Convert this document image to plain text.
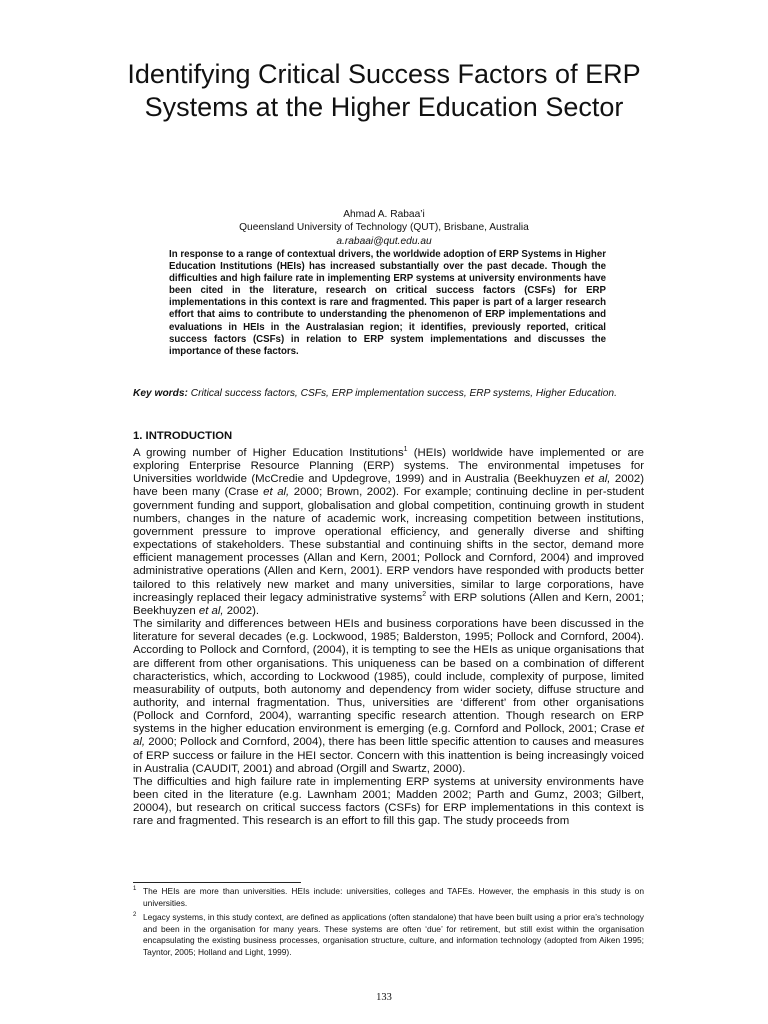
Identifying Critical Success Factors of ERP Systems at the Higher Education Sector
Ahmad A. Rabaa’i
Queensland University of Technology (QUT), Brisbane, Australia
a.rabaai@qut.edu.au

In response to a range of contextual drivers, the worldwide adoption of ERP Systems in Higher Education Institutions (HEIs) has increased substantially over the past decade. Though the difficulties and high failure rate in implementing ERP systems at university environments have been cited in the literature, research on critical success factors (CSFs) for ERP implementations in this context is rare and fragmented. This paper is part of a larger research effort that aims to contribute to understanding the phenomenon of ERP implementations and evaluations in HEIs in the Australasian region; it identifies, previously reported, critical success factors (CSFs) in relation to ERP system implementations and discusses the importance of these factors.

Key words: Critical success factors, CSFs, ERP implementation success, ERP systems, Higher Education.

1. INTRODUCTION

A growing number of Higher Education Institutions$^1$ (HEIs) worldwide have implemented or are exploring Enterprise Resource Planning (ERP) systems. The environmental impetuses for Universities worldwide (McCredie and Updegrove, 1999) and in Australia (Beekhuyzen et al, 2002) have been many (Crase et al, 2000; Brown, 2002). For example; continuing decline in per-student government funding and support, globalisation and global competition, continuing growth in student numbers, changes in the nature of academic work, increasing competition between institutions, government pressure to improve operational efficiency, and generally diverse and shifting expectations of stakeholders. These substantial and continuing shifts in the sector, demand more efficient management processes (Allan and Kern, 2001; Pollock and Cornford, 2004) and improved administrative operations (Allen and Kern, 2001). ERP vendors have responded with products better tailored to this relatively new market and many universities, similar to large corporations, have increasingly replaced their legacy administrative systems$^2$ with ERP solutions (Allen and Kern, 2001; Beekhuyzen et al, 2002).

The similarity and differences between HEIs and business corporations have been discussed in the literature for several decades (e.g. Lockwood, 1985; Balderston, 1995; Pollock and Cornford, 2004). According to Pollock and Cornford, (2004), it is tempting to see the HEIs as unique organisations that are different from other organisations. This uniqueness can be based on a combination of different characteristics, which, according to Lockwood (1985), could include, complexity of purpose, limited measurability of outputs, both autonomy and dependency from wider society, diffuse structure and authority, and internal fragmentation. Thus, universities are ‘different’ from other organisations (Pollock and Cornford, 2004), warranting specific research attention. Though research on ERP systems in the higher education environment is emerging (e.g. Cornford and Pollock, 2001; Crase et al, 2000; Pollock and Cornford, 2004), there has been little specific attention to causes and measures of ERP success or failure in the HEI sector. Concern with this inattention is being increasingly voiced in Australia (CAUDIT, 2001) and abroad (Orgill and Swartz, 2000).

The difficulties and high failure rate in implementing ERP systems at university environments have been cited in the literature (e.g. Lawnham 2001; Madden 2002; Parth and Gumz, 2003; Gilbert, 20004), but research on critical success factors (CSFs) for ERP implementations in this context is rare and fragmented. This research is an effort to fill this gap. The study proceeds from

1 The HEIs are more than universities. HEIs include: universities, colleges and TAFEs. However, the emphasis in this study is on universities.
2 Legacy systems, in this study context, are defined as applications (often standalone) that have been built using a prior era’s technology and been in the organisation for many years. These systems are often ‘due’ for retirement, but still exist within the organisation encapsulating the existing business processes, organisation structure, culture, and information technology (adopted from Aiken 1995; Tayntor, 2005; Holland and Light, 1999).
133
